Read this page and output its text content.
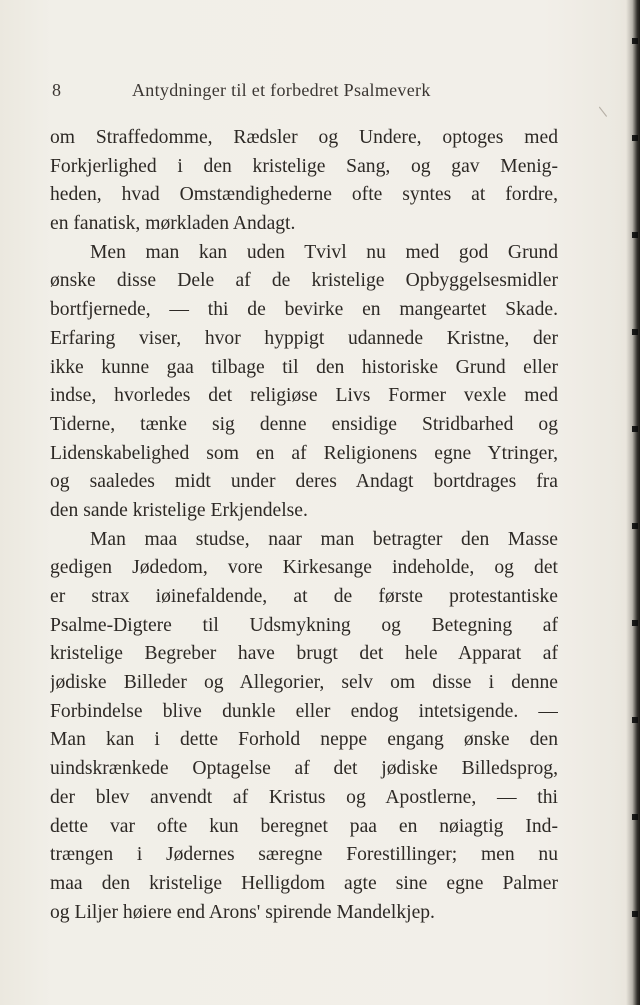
/
8	Antydninger til et forbedret Psalmeverk
om Straffedomme, Rædsler og Undere, optoges med
Forkjerlighed i den kristelige Sang, og gav Menig-
heden, hvad Omstændighederne ofte syntes at fordre,
en fanatisk, mørkladen Andagt.
Men man kan uden Tvivl nu med god Grund
ønske disse Dele af de kristelige Opbyggelsesmidler
bortfjernede, — thi de bevirke en mangeartet Skade.
Erfaring viser, hvor hyppigt udannede Kristne, der
ikke kunne gaa tilbage til den historiske Grund eller
indse, hvorledes det religiøse Livs Former vexle med
Tiderne, tænke sig denne ensidige Stridbarhed og
Lidenskabelighed som en af Religionens egne Ytringer,
og saaledes midt under deres Andagt bortdrages fra
den sande kristelige Erkjendelse.
Man maa studse, naar man betragter den Masse
gedigen Jødedom, vore Kirkesange indeholde, og det
er strax iøinefaldende, at de første protestantiske
Psalme-Digtere til Udsmykning og Betegning af
kristelige Begreber have brugt det hele Apparat af
jødiske Billeder og Allegorier, selv om disse i denne
Forbindelse blive dunkle eller endog intetsigende. —
Man kan i dette Forhold neppe engang ønske den
uindskrænkede Optagelse af det jødiske Billedsprog,
der blev anvendt af Kristus og Apostlerne, — thi
dette var ofte kun beregnet paa en nøiagtig Ind-
trængen i Jødernes særegne Forestillinger; men nu
maa den kristelige Helligdom agte sine egne Palmer
og Liljer høiere end Arons' spirende Mandelkjep.
